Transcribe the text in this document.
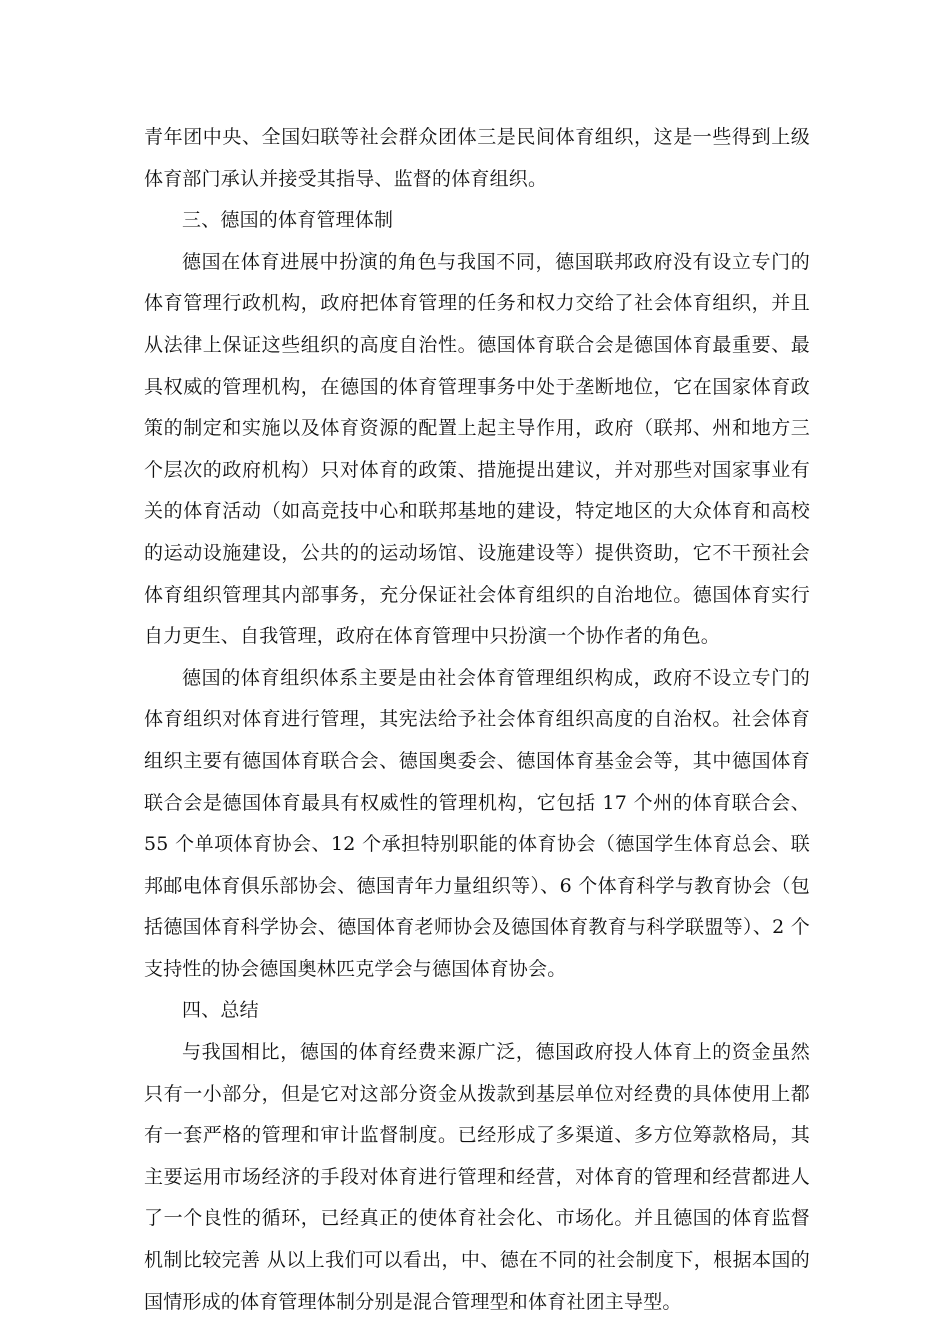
青年团中央、全国妇联等社会群众团体三是民间体育组织，这是一些得到上级体育部门承认并接受其指导、监督的体育组织。

三、德国的体育管理体制

德国在体育进展中扮演的角色与我国不同，德国联邦政府没有设立专门的体育管理行政机构，政府把体育管理的任务和权力交给了社会体育组织，并且从法律上保证这些组织的高度自治性。德国体育联合会是德国体育最重要、最具权威的管理机构，在德国的体育管理事务中处于垄断地位，它在国家体育政策的制定和实施以及体育资源的配置上起主导作用，政府（联邦、州和地方三个层次的政府机构）只对体育的政策、措施提出建议，并对那些对国家事业有关的体育活动（如高竞技中心和联邦基地的建设，特定地区的大众体育和高校的运动设施建设，公共的的运动场馆、设施建设等）提供资助，它不干预社会体育组织管理其内部事务，充分保证社会体育组织的自治地位。德国体育实行自力更生、自我管理，政府在体育管理中只扮演一个协作者的角色。

德国的体育组织体系主要是由社会体育管理组织构成，政府不设立专门的体育组织对体育进行管理，其宪法给予社会体育组织高度的自治权。社会体育组织主要有德国体育联合会、德国奥委会、德国体育基金会等，其中德国体育联合会是德国体育最具有权威性的管理机构，它包括 17 个州的体育联合会、55 个单项体育协会、12 个承担特别职能的体育协会（德国学生体育总会、联邦邮电体育俱乐部协会、德国青年力量组织等）、6 个体育科学与教育协会（包括德国体育科学协会、德国体育老师协会及德国体育教育与科学联盟等）、2 个支持性的协会德国奥林匹克学会与德国体育协会。

四、总结

与我国相比，德国的体育经费来源广泛，德国政府投人体育上的资金虽然只有一小部分，但是它对这部分资金从拨款到基层单位对经费的具体使用上都有一套严格的管理和审计监督制度。已经形成了多渠道、多方位筹款格局，其主要运用市场经济的手段对体育进行管理和经营，对体育的管理和经营都进人了一个良性的循环，已经真正的使体育社会化、市场化。并且德国的体育监督机制比较完善 从以上我们可以看出，中、德在不同的社会制度下，根据本国的国情形成的体育管理体制分别是混合管理型和体育社团主导型。
